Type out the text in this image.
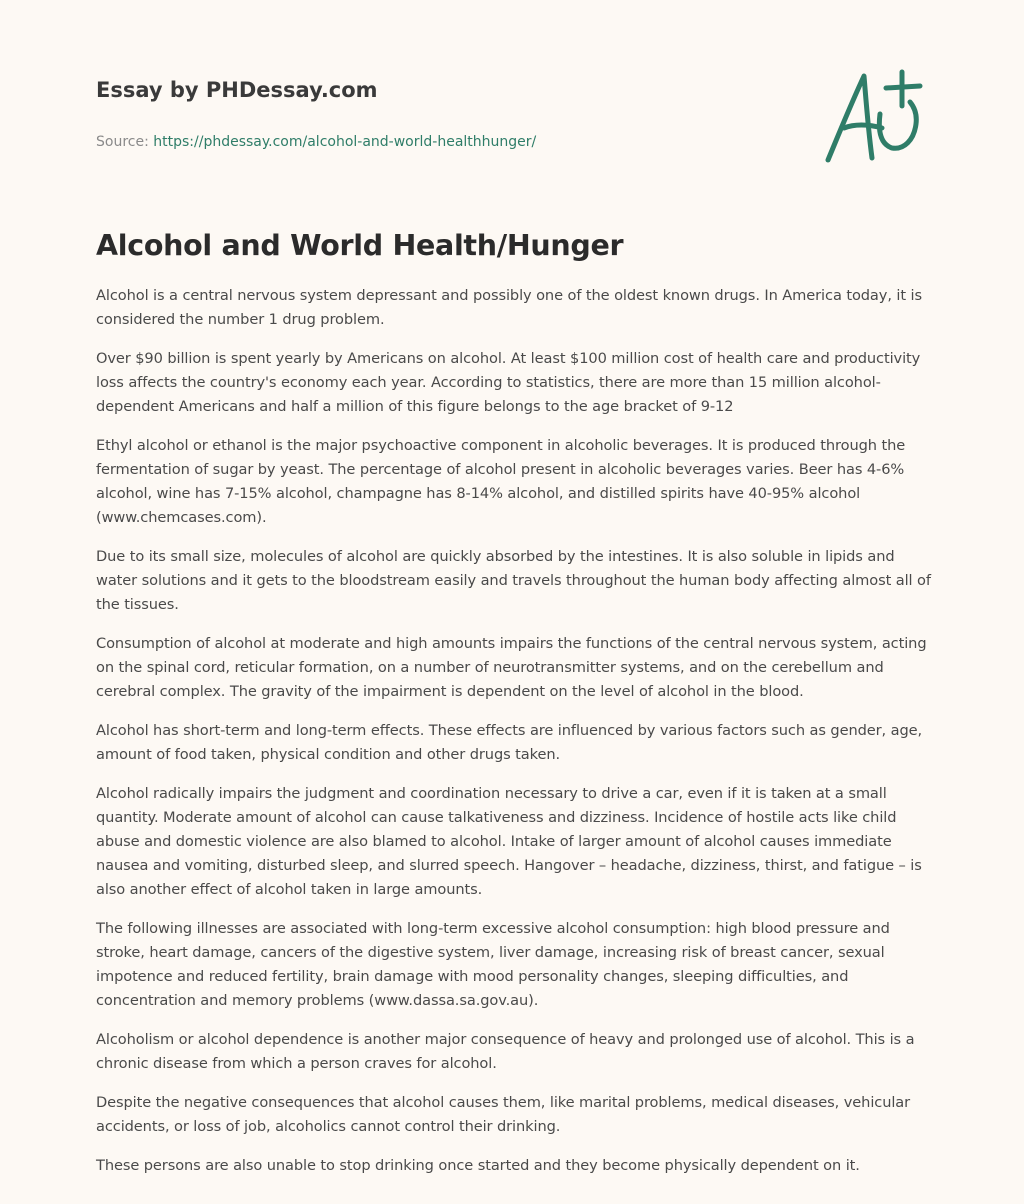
Essay by PHDessay.com
Source: https://phdessay.com/alcohol-and-world-healthhunger/
Alcohol and World Health/Hunger

Alcohol is a central nervous system depressant and possibly one of the oldest known drugs. In America today, it is considered the number 1 drug problem.

Over $90 billion is spent yearly by Americans on alcohol. At least $100 million cost of health care and productivity loss affects the country's economy each year. According to statistics, there are more than 15 million alcohol-dependent Americans and half a million of this figure belongs to the age bracket of 9-12

Ethyl alcohol or ethanol is the major psychoactive component in alcoholic beverages. It is produced through the fermentation of sugar by yeast. The percentage of alcohol present in alcoholic beverages varies. Beer has 4-6% alcohol, wine has 7-15% alcohol, champagne has 8-14% alcohol, and distilled spirits have 40-95% alcohol (www.chemcases.com).

Due to its small size, molecules of alcohol are quickly absorbed by the intestines. It is also soluble in lipids and water solutions and it gets to the bloodstream easily and travels throughout the human body affecting almost all of the tissues.

Consumption of alcohol at moderate and high amounts impairs the functions of the central nervous system, acting on the spinal cord, reticular formation, on a number of neurotransmitter systems, and on the cerebellum and cerebral complex. The gravity of the impairment is dependent on the level of alcohol in the blood.

Alcohol has short-term and long-term effects. These effects are influenced by various factors such as gender, age, amount of food taken, physical condition and other drugs taken.

Alcohol radically impairs the judgment and coordination necessary to drive a car, even if it is taken at a small quantity. Moderate amount of alcohol can cause talkativeness and dizziness. Incidence of hostile acts like child abuse and domestic violence are also blamed to alcohol. Intake of larger amount of alcohol causes immediate nausea and vomiting, disturbed sleep, and slurred speech. Hangover – headache, dizziness, thirst, and fatigue – is also another effect of alcohol taken in large amounts.

The following illnesses are associated with long-term excessive alcohol consumption: high blood pressure and stroke, heart damage, cancers of the digestive system, liver damage, increasing risk of breast cancer, sexual impotence and reduced fertility, brain damage with mood personality changes, sleeping difficulties, and concentration and memory problems (www.dassa.sa.gov.au).

Alcoholism or alcohol dependence is another major consequence of heavy and prolonged use of alcohol. This is a chronic disease from which a person craves for alcohol.

Despite the negative consequences that alcohol causes them, like marital problems, medical diseases, vehicular accidents, or loss of job, alcoholics cannot control their drinking.

These persons are also unable to stop drinking once started and they become physically dependent on it.
